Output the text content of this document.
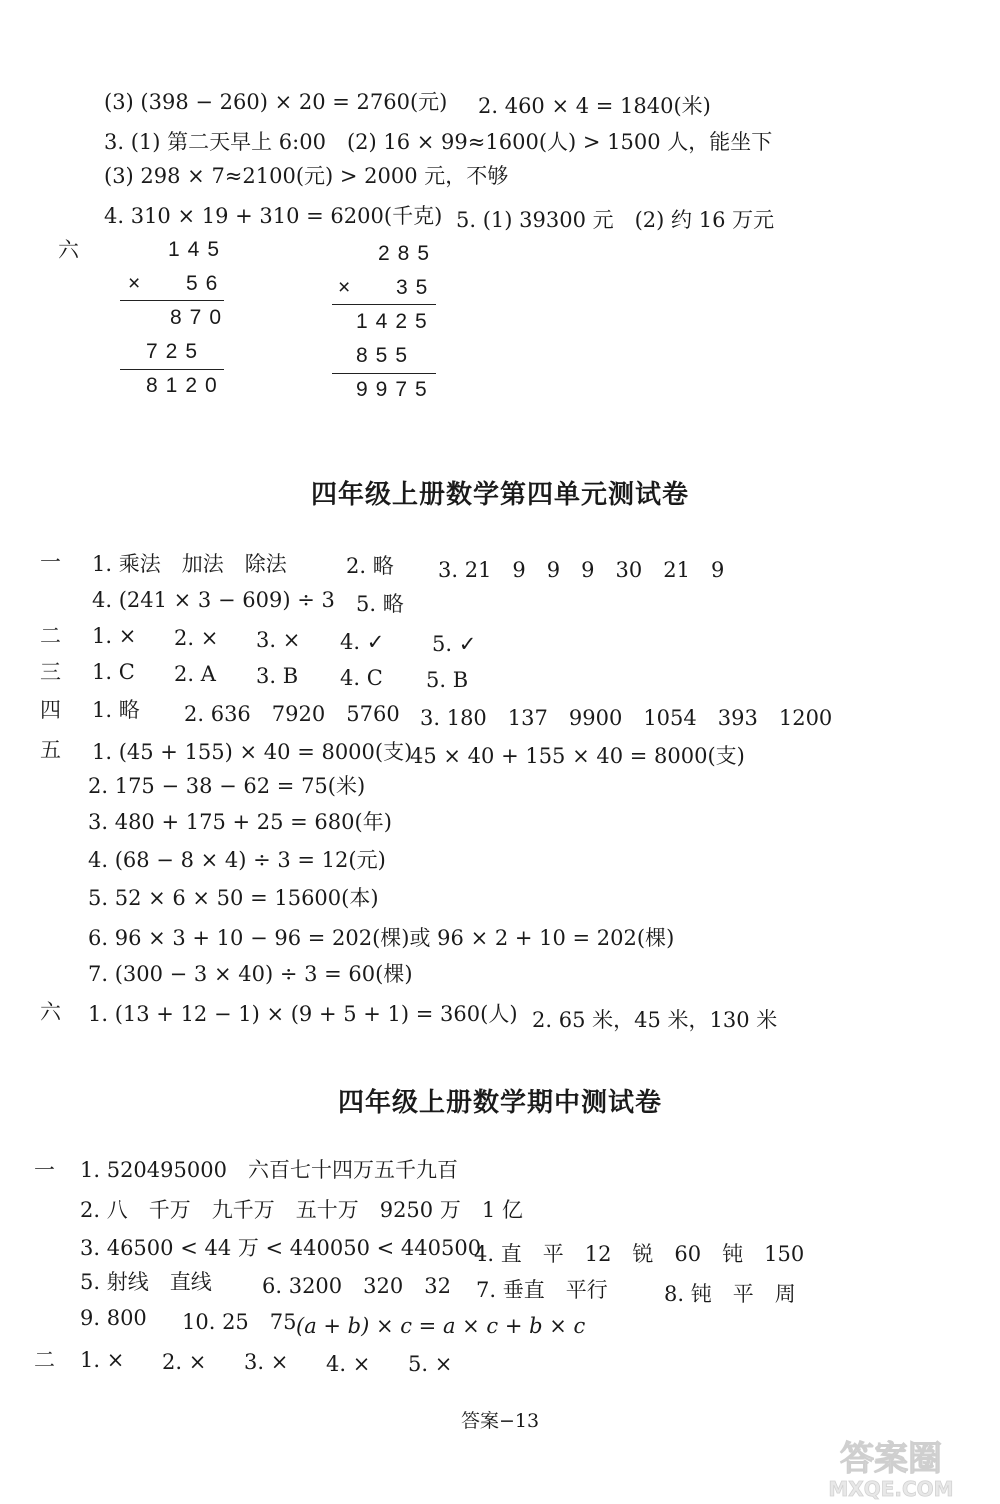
(3) (398 − 260) × 20 = 2760(元) 2. 460 × 4 = 1840(米)
3. (1) 第二天早上 6:00　(2) 16 × 99≈1600(人) > 1500 人，能坐下
(3) 298 × 7≈2100(元) > 2000 元，不够
4. 310 × 19 + 310 = 6200(千克) 5. (1) 39300 元　(2) 约 16 万元
六	145
× 56
870
725
8120
285
× 35
1425
855
9975
四年级上册数学第四单元测试卷
一 1. 乘法　加法　除法	2. 略 3. 21　9　9　9　30　21　9
4. (241 × 3 − 609) ÷ 3 5. 略
二 1. × 2. × 3. × 4. ✓ 5. ✓
三 1. C 2. A 3. B 4. C 5. B
四 1. 略 2. 636　7920　5760 3. 180　137　9900　1054　393　1200
五 1. (45 + 155) × 40 = 8000(支)
45 × 40 + 155 × 40 = 8000(支)
2. 175 − 38 − 62 = 75(米)
3. 480 + 175 + 25 = 680(年)
4. (68 − 8 × 4) ÷ 3 = 12(元)
5. 52 × 6 × 50 = 15600(本)
6. 96 × 3 + 10 − 96 = 202(棵)或 96 × 2 + 10 = 202(棵)
7. (300 − 3 × 40) ÷ 3 = 60(棵)
六 1. (13 + 12 − 1) × (9 + 5 + 1) = 360(人) 2. 65 米，45 米，130 米
四年级上册数学期中测试卷
一 1. 520495000　六百七十四万五千九百
2. 八　千万　九千万　五十万　9250 万　1 亿
3. 46500 < 44 万 < 440050 < 440500
4. 直　平　12　锐　60　钝　150
5. 射线　直线 6. 3200　320　32 7. 垂直　平行	8. 钝　平　周
9. 800 10. 25　75 (a + b) × c = a × c + b × c
二 1. × 2. × 3. × 4. × 5. ×
答案−13
答案圈
MXQE.COM
